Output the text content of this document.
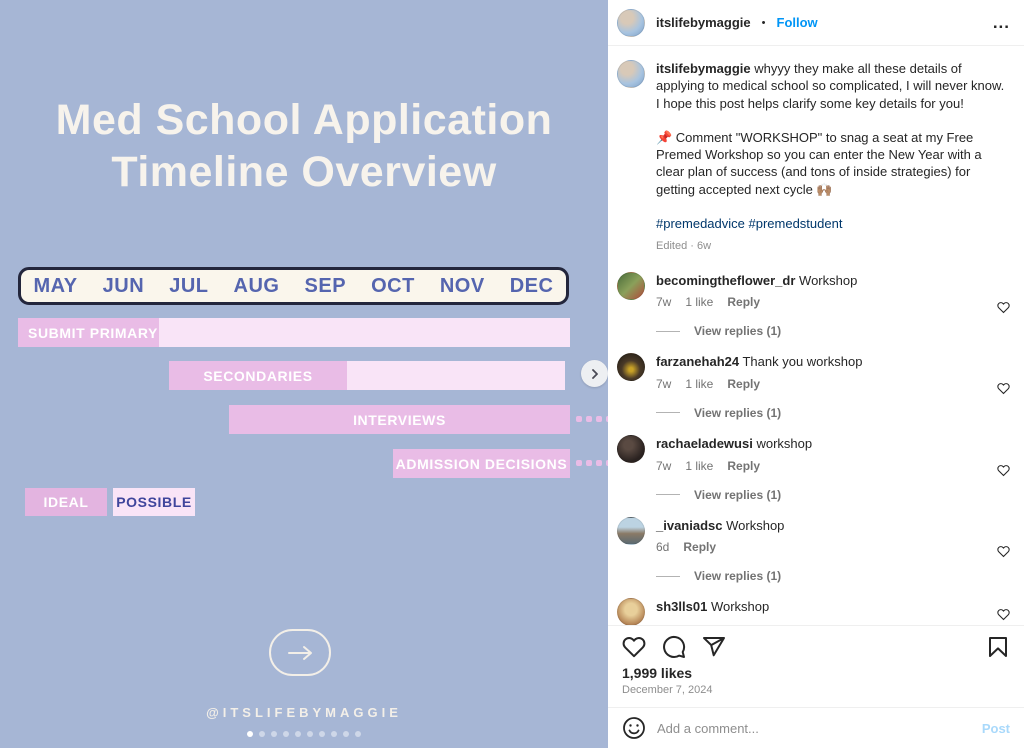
Med School Application
Timeline Overview
MAY JUN JUL AUG SEP OCT NOV DEC
SUBMIT PRIMARY
SECONDARIES
INTERVIEWS
ADMISSION DECISIONS
IDEAL	POSSIBLE
@ITSLIFEBYMAGGIE
itslifebymaggie • Follow	...
itslifebymaggie whyyy they make all these details of applying to medical school so complicated, I will never know. I hope this post helps clarify some key details for you!
📌 Comment "WORKSHOP" to snag a seat at my Free Premed Workshop so you can enter the New Year with a clear plan of success (and tons of inside strategies) for getting accepted next cycle 🙌🏽
#premedadvice #premedstudent
Edited · 6w
becomingtheflower_dr Workshop
7w 1 like Reply
View replies (1)
farzanehah24 Thank you workshop
7w 1 like Reply
View replies (1)
rachaeladewusi workshop
7w 1 like Reply
View replies (1)
_ivaniadsc Workshop
6d Reply
View replies (1)
sh3lls01 Workshop
1,999 likes
December 7, 2024
Add a comment...
Post
